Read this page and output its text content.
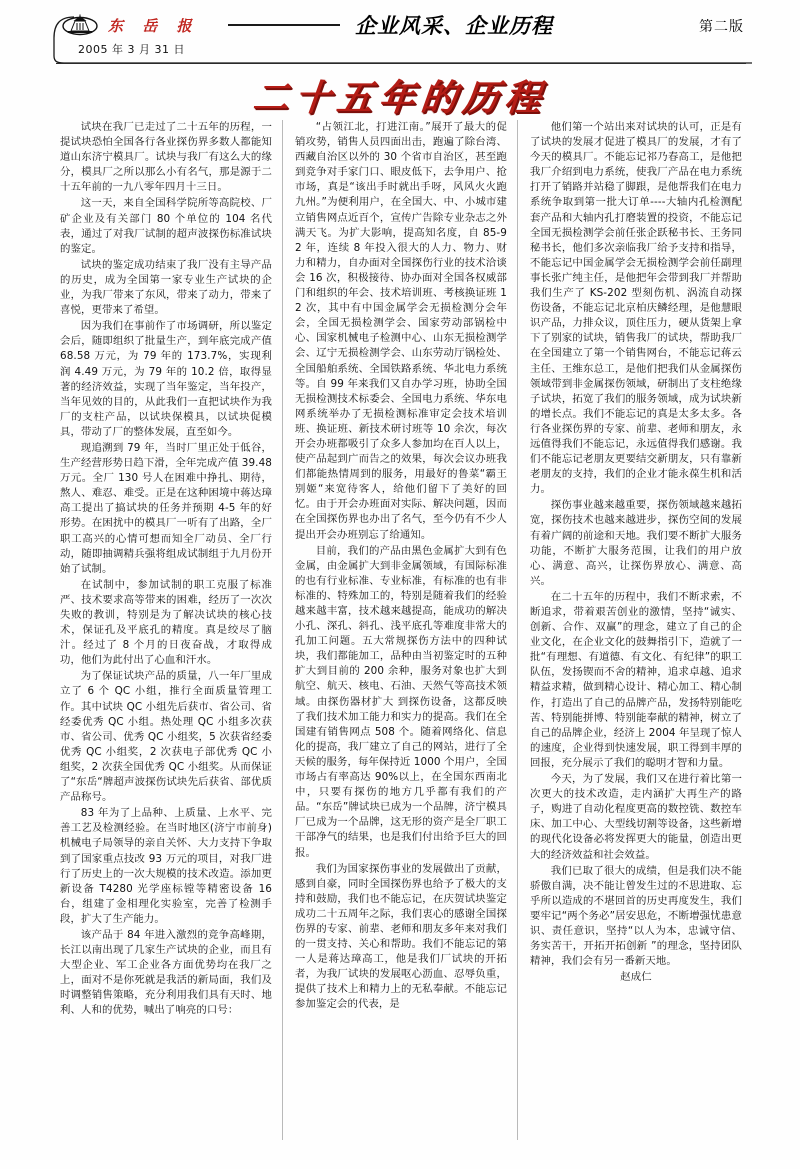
东 岳 报
2005 年 3 月 31 日
企业风采、企业历程	第二版
二十五年的历程

试块在我厂已走过了二十五年的历程，一提试块恐怕全国各行各业探伤界多数人都能知道山东济宁模具厂。试块与我厂有这么大的缘分，模具厂之所以那么小有名气，那是源于二十五年前的一九八零年四月十三日。

这一天，来自全国科学院所等高院校、厂矿企业及有关部门 80 个单位的 104 名代表，通过了对我厂试制的超声波探伤标准试块的鉴定。

试块的鉴定成功结束了我厂没有主导产品的历史，成为全国第一家专业生产试块的企业，为我厂带来了东风，带来了动力，带来了喜悦，更带来了希望。

因为我们在事前作了市场调研，所以鉴定会后，随即组织了批量生产，到年底完成产值 68.58 万元，为 79 年的 173.7%，实现利润 4.49 万元，为 79 年的 10.2 倍，取得显著的经济效益，实现了当年鉴定，当年投产，当年见效的目的，从此我们一直把试块作为我厂的支柱产品，以试块保模具，以试块促模具，带动了厂的整体发展，直至如今。

现追溯到 79 年，当时厂里正处于低谷，生产经营形势日趋下滑，全年完成产值 39.48 万元。全厂 130 号人在困难中挣扎、期待，熬人、难忍、难受。正是在这种困境中蒋达璋高工提出了搞试块的任务并预期 4-5 年的好形势。在困扰中的模具厂一听有了出路，全厂职工高兴的心情可想而知全厂动员、全厂行动，随即抽调精兵强将组成试制组于九月份开始了试制。

在试制中，参加试制的职工克服了标准严、技术要求高等带来的困难，经历了一次次失败的教训，特别是为了解决试块的核心技术，保证孔及平底孔的精度。真是绞尽了脑汁。经过了 8 个月的日夜奋战，才取得成功，他们为此付出了心血和汗水。

为了保证试块产品的质量，八一年厂里成立了 6 个 QC 小组，推行全面质量管理工作。其中试块 QC 小组先后获市、省公司、省经委优秀 QC 小组。热处理 QC 小组多次获市、省公司、优秀 QC 小组奖，5 次获省经委优秀 QC 小组奖，2 次获电子部优秀 QC 小组奖，2 次获全国优秀 QC 小组奖。从而保证了“东岳“牌超声波探伤试块先后获省、部优质产品称号。

83 年为了上品种、上质量、上水平、完善工艺及检测经验。在当时地区(济宁市前身)机械电子局领导的亲自关怀、大力支持下争取到了国家重点技改 93 万元的项目，对我厂进行了历史上的一次大规模的技术改造。添加更新设备 T4280 光学座标镗等精密设备 16 台，组建了金相理化实验室，完善了检测手段，扩大了生产能力。

该产品于 84 年进入激烈的竞争高峰期，长江以南出现了几家生产试块的企业，而且有大型企业、军工企业各方面优势均在我厂之上，面对不是你死就是我活的新局面，我们及时调整销售策略，充分利用我们具有天时、地利、人和的优势，喊出了响亮的口号：

“占领江北，打进江南。”展开了最大的促销攻势，销售人员四面出击，跑遍了除台湾、西藏自治区以外的 30 个省市自治区，甚至跑到竞争对手家门口、眼皮低下，去争用户、抢市场，真是“该出手时就出手呀，风风火火跑九州。”为便利用户，在全国大、中、小城市建立销售网点近百个，宣传广告除专业杂志之外满天飞。为扩大影响，提高知名度，自 85-92 年，连续 8 年投入很大的人力、物力、财力和精力，自办面对全国探伤行业的技术洽谈会 16 次，积极接待、协办面对全国各权威部门和组织的年会、技术培训班、考核换证班 12 次，其中有中国金属学会无损检测分会年会，全国无损检测学会、国家劳动部锅检中心、国家机械电子检测中心、山东无损检测学会、辽宁无损检测学会、山东劳动厅锅检处、全国船舶系统、全国铁路系统、华北电力系统等。自 99 年来我们又自办学习班，协助全国无损检测技术标委会、全国电力系统、华东电网系统举办了无损检测标准审定会技术培训班、换证班、新技术研讨班等 10 余次，每次开会办班都吸引了众多人参加均在百人以上，使产品起到广而告之的效果，每次会议办班我们都能热情周到的服务，用最好的鲁菜“霸王别姬“来宽待客人，给他们留下了美好的回忆。由于开会办班面对实际、解决问题，因而在全国探伤界也办出了名气，至今仍有不少人提出开会办班别忘了给通知。

目前，我们的产品由黑色金属扩大到有色金属，由金属扩大到非金属领域，有国际标准的也有行业标准、专业标准，有标准的也有非标准的、特殊加工的，特别是随着我们的经验越来越丰富，技术越来越提高，能成功的解决小孔、深孔、斜孔、浅平底孔等难度非常大的孔加工问题。五大常规探伤方法中的四种试块，我们都能加工，品种由当初鉴定时的五种扩大到目前的 200 余种，服务对象也扩大到航空、航天、核电、石油、天然气等高技术领域。由探伤器材扩大 到探伤设备，这都反映了我们技术加工能力和实力的提高。我们在全国建有销售网点 508 个。随着网络化、信息化的提高，我厂建立了自己的网站，进行了全天候的服务，每年保持近 1000 个用户，全国市场占有率高达 90%以上，在全国东西南北中，只要有探伤的地方几乎都有我们的产品。“东岳”牌试块已成为一个品牌，济宁模具厂已成为一个品牌，这无形的资产是全厂职工干部净气的结果，也是我们付出给予巨大的回报。

我们为国家探伤事业的发展做出了贡献，感到自豪，同时全国探伤界也给予了极大的支持和鼓励，我们也不能忘记，在庆贺试块鉴定成功二十五周年之际，我们衷心的感谢全国探伤界的专家、前辈、老师和朋友多年来对我们的一贯支持、关心和帮助。我们不能忘记的第一人是蒋达璋高工，他是我们厂试块的开拓者，为我厂试块的发展呕心沥血、忍辱负重，提供了技术上和精力上的无私奉献。不能忘记参加鉴定会的代表，是

他们第一个站出来对试块的认可，正是有了试块的发展才促进了模具厂的发展，才有了今天的模具厂。不能忘记祁乃春高工，是他把我厂介绍到电力系统，使我厂产品在电力系统打开了销路并站稳了脚跟，是他帮我们在电力系统争取到第一批大订单----大轴内孔检测配套产品和大轴内孔打磨装置的投资，不能忘记全国无损检测学会前任张企跃秘书长、王务同秘书长，他们多次亲临我厂给予支持和指导，不能忘记中国金属学会无损检测学会前任副理事长张广纯主任，是他把年会带到我厂并帮助我们生产了 KS-202 型刻伤机、涡流自动探伤设备，不能忘记北京柏庆鳞经理，是他慧眼识产品，力排众议，顶住压力，硬从货架上拿下了别家的试块，销售我厂的试块，帮助我厂在全国建立了第一个销售网台，不能忘记蒋云主任、王维东总工，是他们把我们从金属探伤领域带到非金属探伤领域，研制出了支柱绝缘子试块，拓宽了我们的服务领域，成为试块新的增长点。我们不能忘记的真是太多太多。各行各业探伤界的专家、前辈、老师和朋友，永远值得我们不能忘记，永远值得我们感谢。我们不能忘记老朋友更要结交新朋友，只有靠新老朋友的支持，我们的企业才能永葆生机和活力。

探伤事业越来越重要，探伤领域越来越拓宽，探伤技术也越来越进步，探伤空间的发展有着广阔的前途和天地。我们要不断扩大服务功能，不断扩大服务范围，让我们的用户放心、满意、高兴，让探伤界放心、满意、高兴。

在二十五年的历程中，我们不断求索，不断追求，带着艰苦创业的激情，坚持“诚实、创新、合作、双赢”的理念，建立了自己的企业文化，在企业文化的鼓舞指引下，造就了一批“有理想、有道德、有文化、有纪律”的职工队伍，发扬锲而不舍的精神，追求卓越、追求精益求精，做到精心设计、精心加工、精心制作，打造出了自己的品牌产品，发扬特别能吃苦、特别能拼博、特别能奉献的精神，树立了自己的品牌企业，经济上 2004 年呈现了惊人的速度，企业得到快速发展，职工得到丰厚的回报，充分展示了我们的聪明才智和力量。

今天，为了发展，我们又在进行着比第一次更大的技术改造，走内涵扩大再生产的路子，购进了自动化程度更高的数控铣、数控车床、加工中心、大型线切割等设备，这些新增的现代化设备必将发挥更大的能量，创造出更大的经济效益和社会效益。

我们已取了很大的成绩，但是我们决不能骄傲自满，决不能让曾发生过的不思进取、忘乎所以造成的不堪回首的历史再度发生，我们要牢记“两个务必”居安思危，不断增强忧患意识、责任意识，坚持“以人为本，忠诚守信、务实苦干，开拓开拓创新 ”的理念，坚持团队精神，我们会有另一番新天地。

赵成仁
